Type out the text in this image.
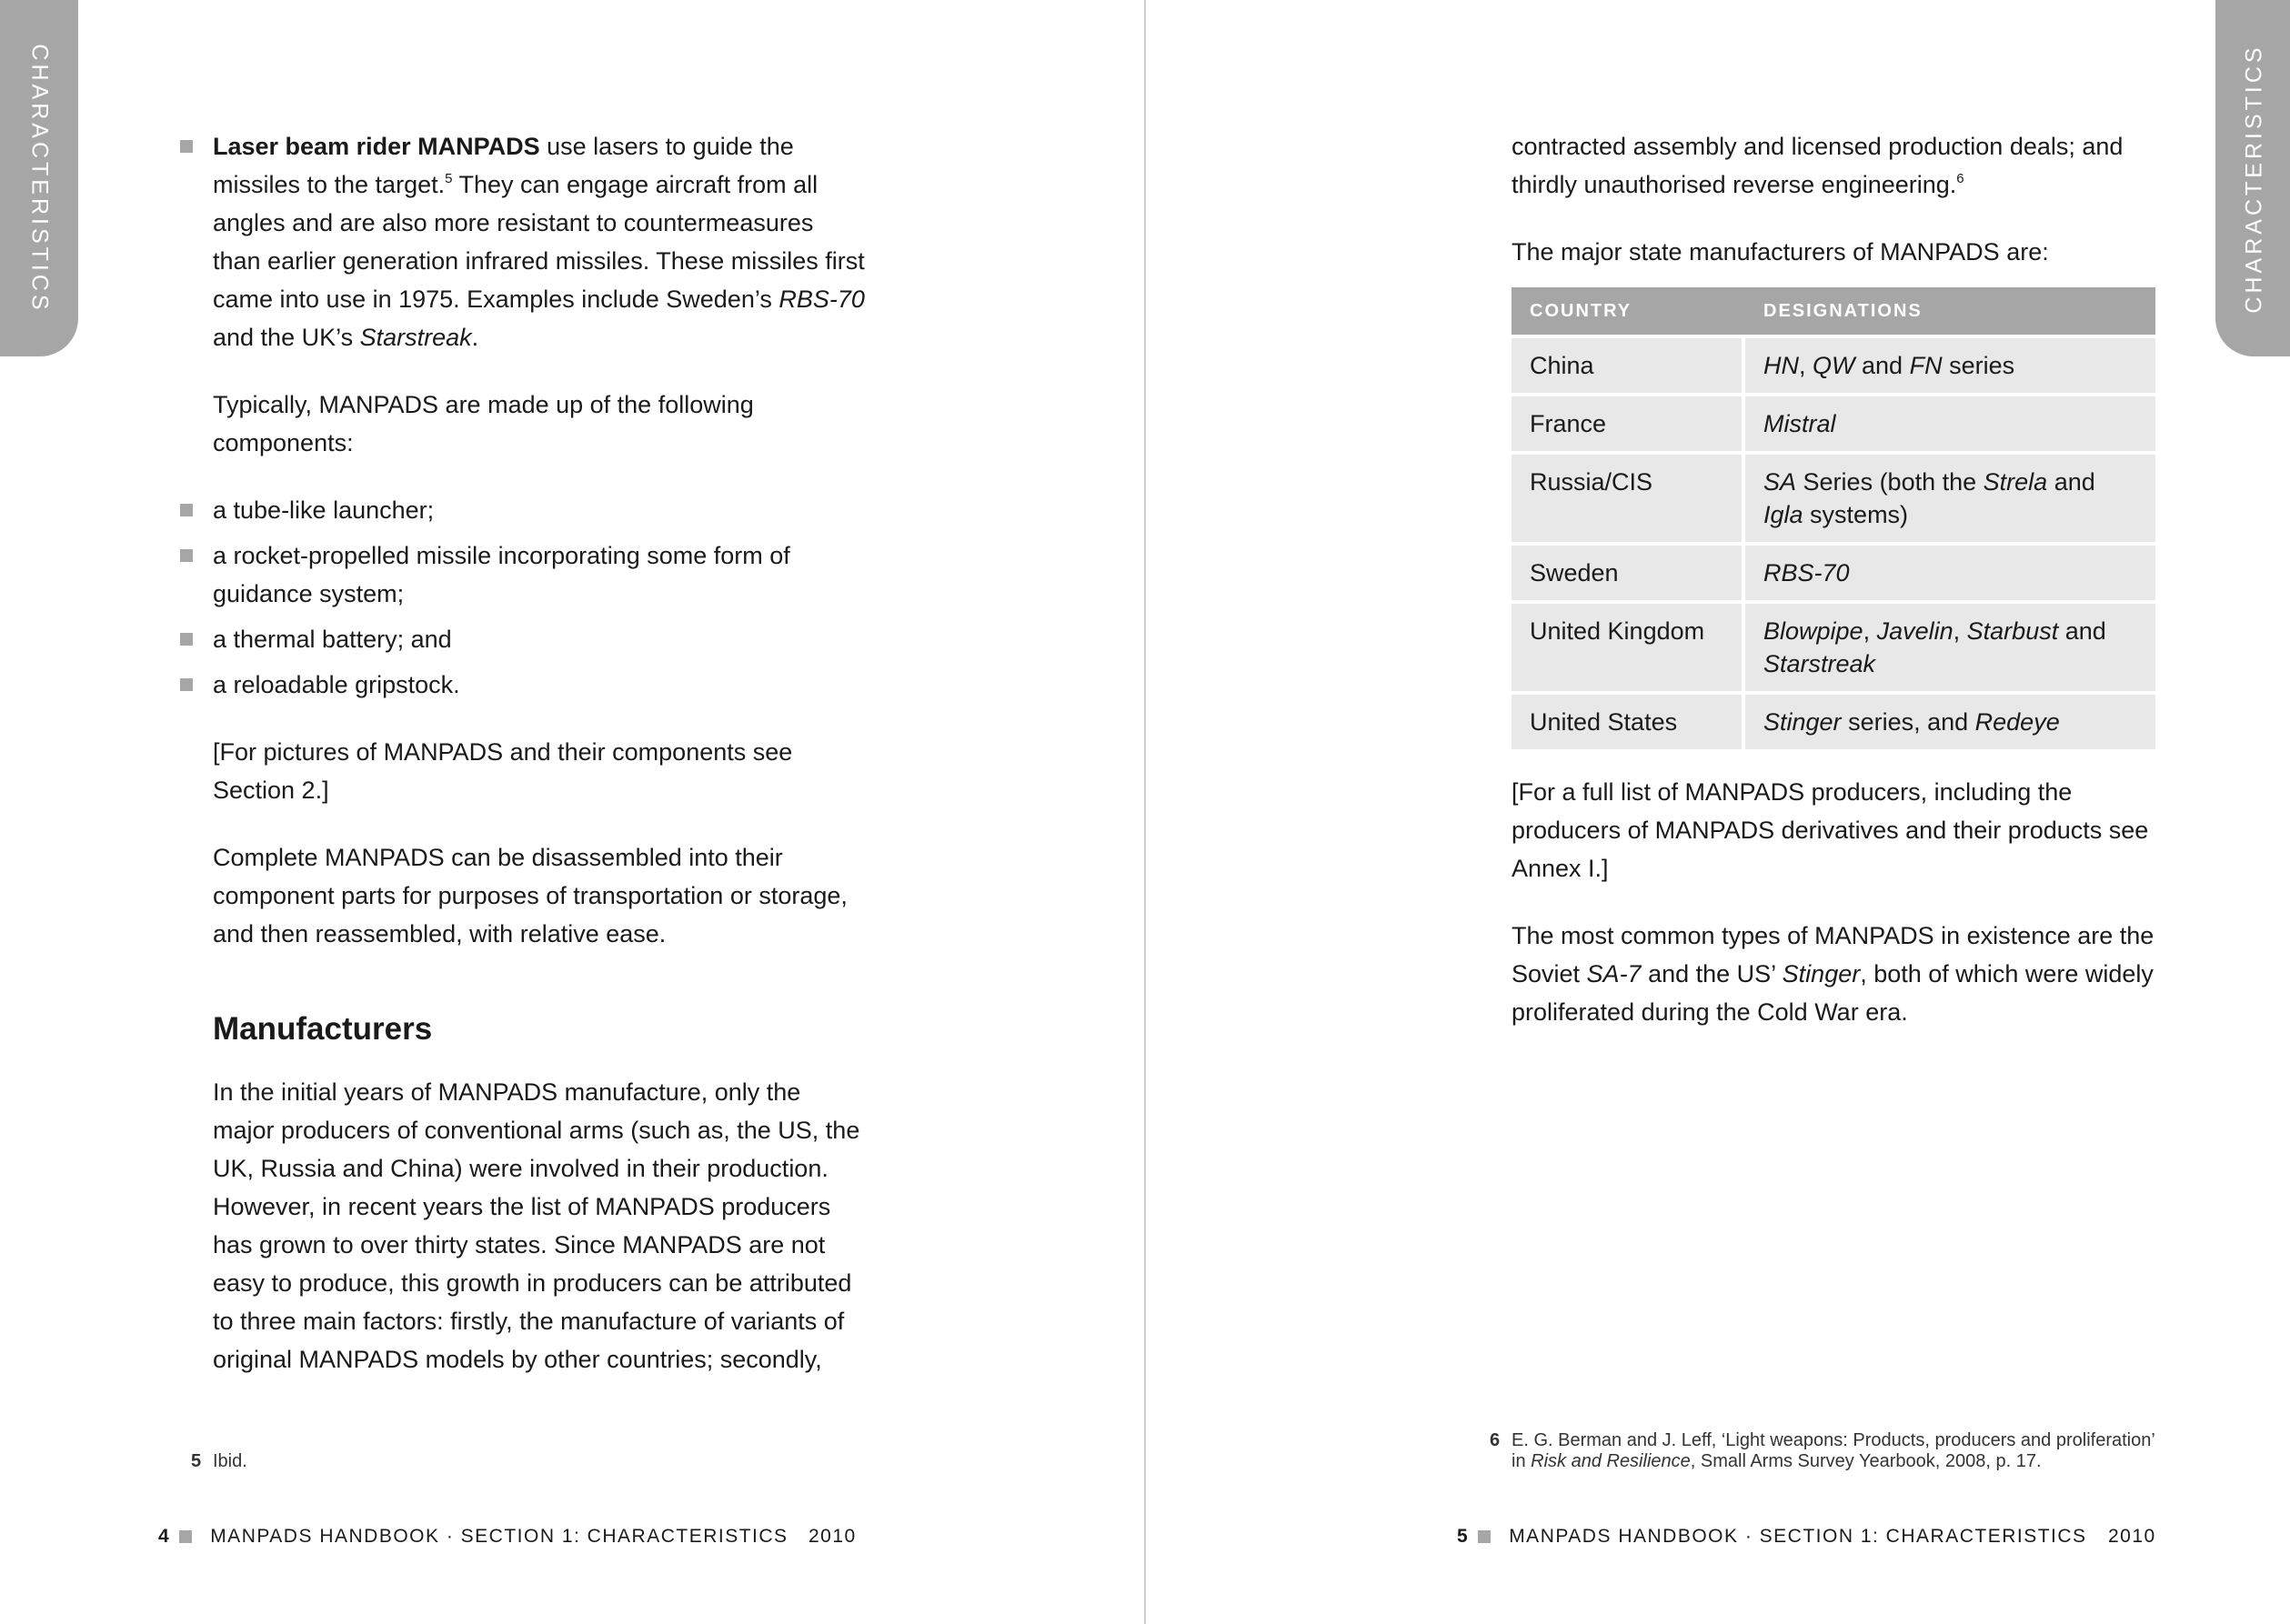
CHARACTERISTICS	Laser beam rider MANPADS use lasers to guide the missiles to the target.$^5$ They can engage aircraft from all angles and are also more resistant to countermeasures than earlier generation infrared missiles. These missiles first came into use in 1975. Examples include Sweden’s RBS-70 and the UK’s Starstreak.

Typically, MANPADS are made up of the following components:

a tube-like launcher;

a rocket-propelled missile incorporating some form of guidance system;

a thermal battery; and

a reloadable gripstock.

[For pictures of MANPADS and their components see Section 2.]

Complete MANPADS can be disassembled into their component parts for purposes of transportation or storage, and then reassembled, with relative ease.

Manufacturers

In the initial years of MANPADS manufacture, only the major producers of conventional arms (such as, the US, the UK, Russia and China) were involved in their production. However, in recent years the list of MANPADS producers has grown to over thirty states. Since MANPADS are not easy to produce, this growth in producers can be attributed to three main factors: firstly, the manufacture of variants of original MANPADS models by other countries; secondly,

5 Ibid.
4 MANPADS HANDBOOK · SECTION 1: CHARACTERISTICS 2010
CHARACTERISTICS

contracted assembly and licensed production deals; and thirdly unauthorised reverse engineering.$^6$

The major state manufacturers of MANPADS are:

COUNTRY	DESIGNATIONS
China	HN, QW and FN series
France	Mistral
Russia/CIS	SA Series (both the Strela and Igla systems)
Sweden	RBS-70
United Kingdom	Blowpipe, Javelin, Starbust and Starstreak
United States	Stinger series, and Redeye

[For a full list of MANPADS producers, including the producers of MANPADS derivatives and their products see Annex I.]

The most common types of MANPADS in existence are the Soviet SA-7 and the US’ Stinger, both of which were widely proliferated during the Cold War era.

6 E. G. Berman and J. Leff, ‘Light weapons: Products, producers and proliferation’ in Risk and Resilience, Small Arms Survey Yearbook, 2008, p. 17.
5 MANPADS HANDBOOK · SECTION 1: CHARACTERISTICS 2010
